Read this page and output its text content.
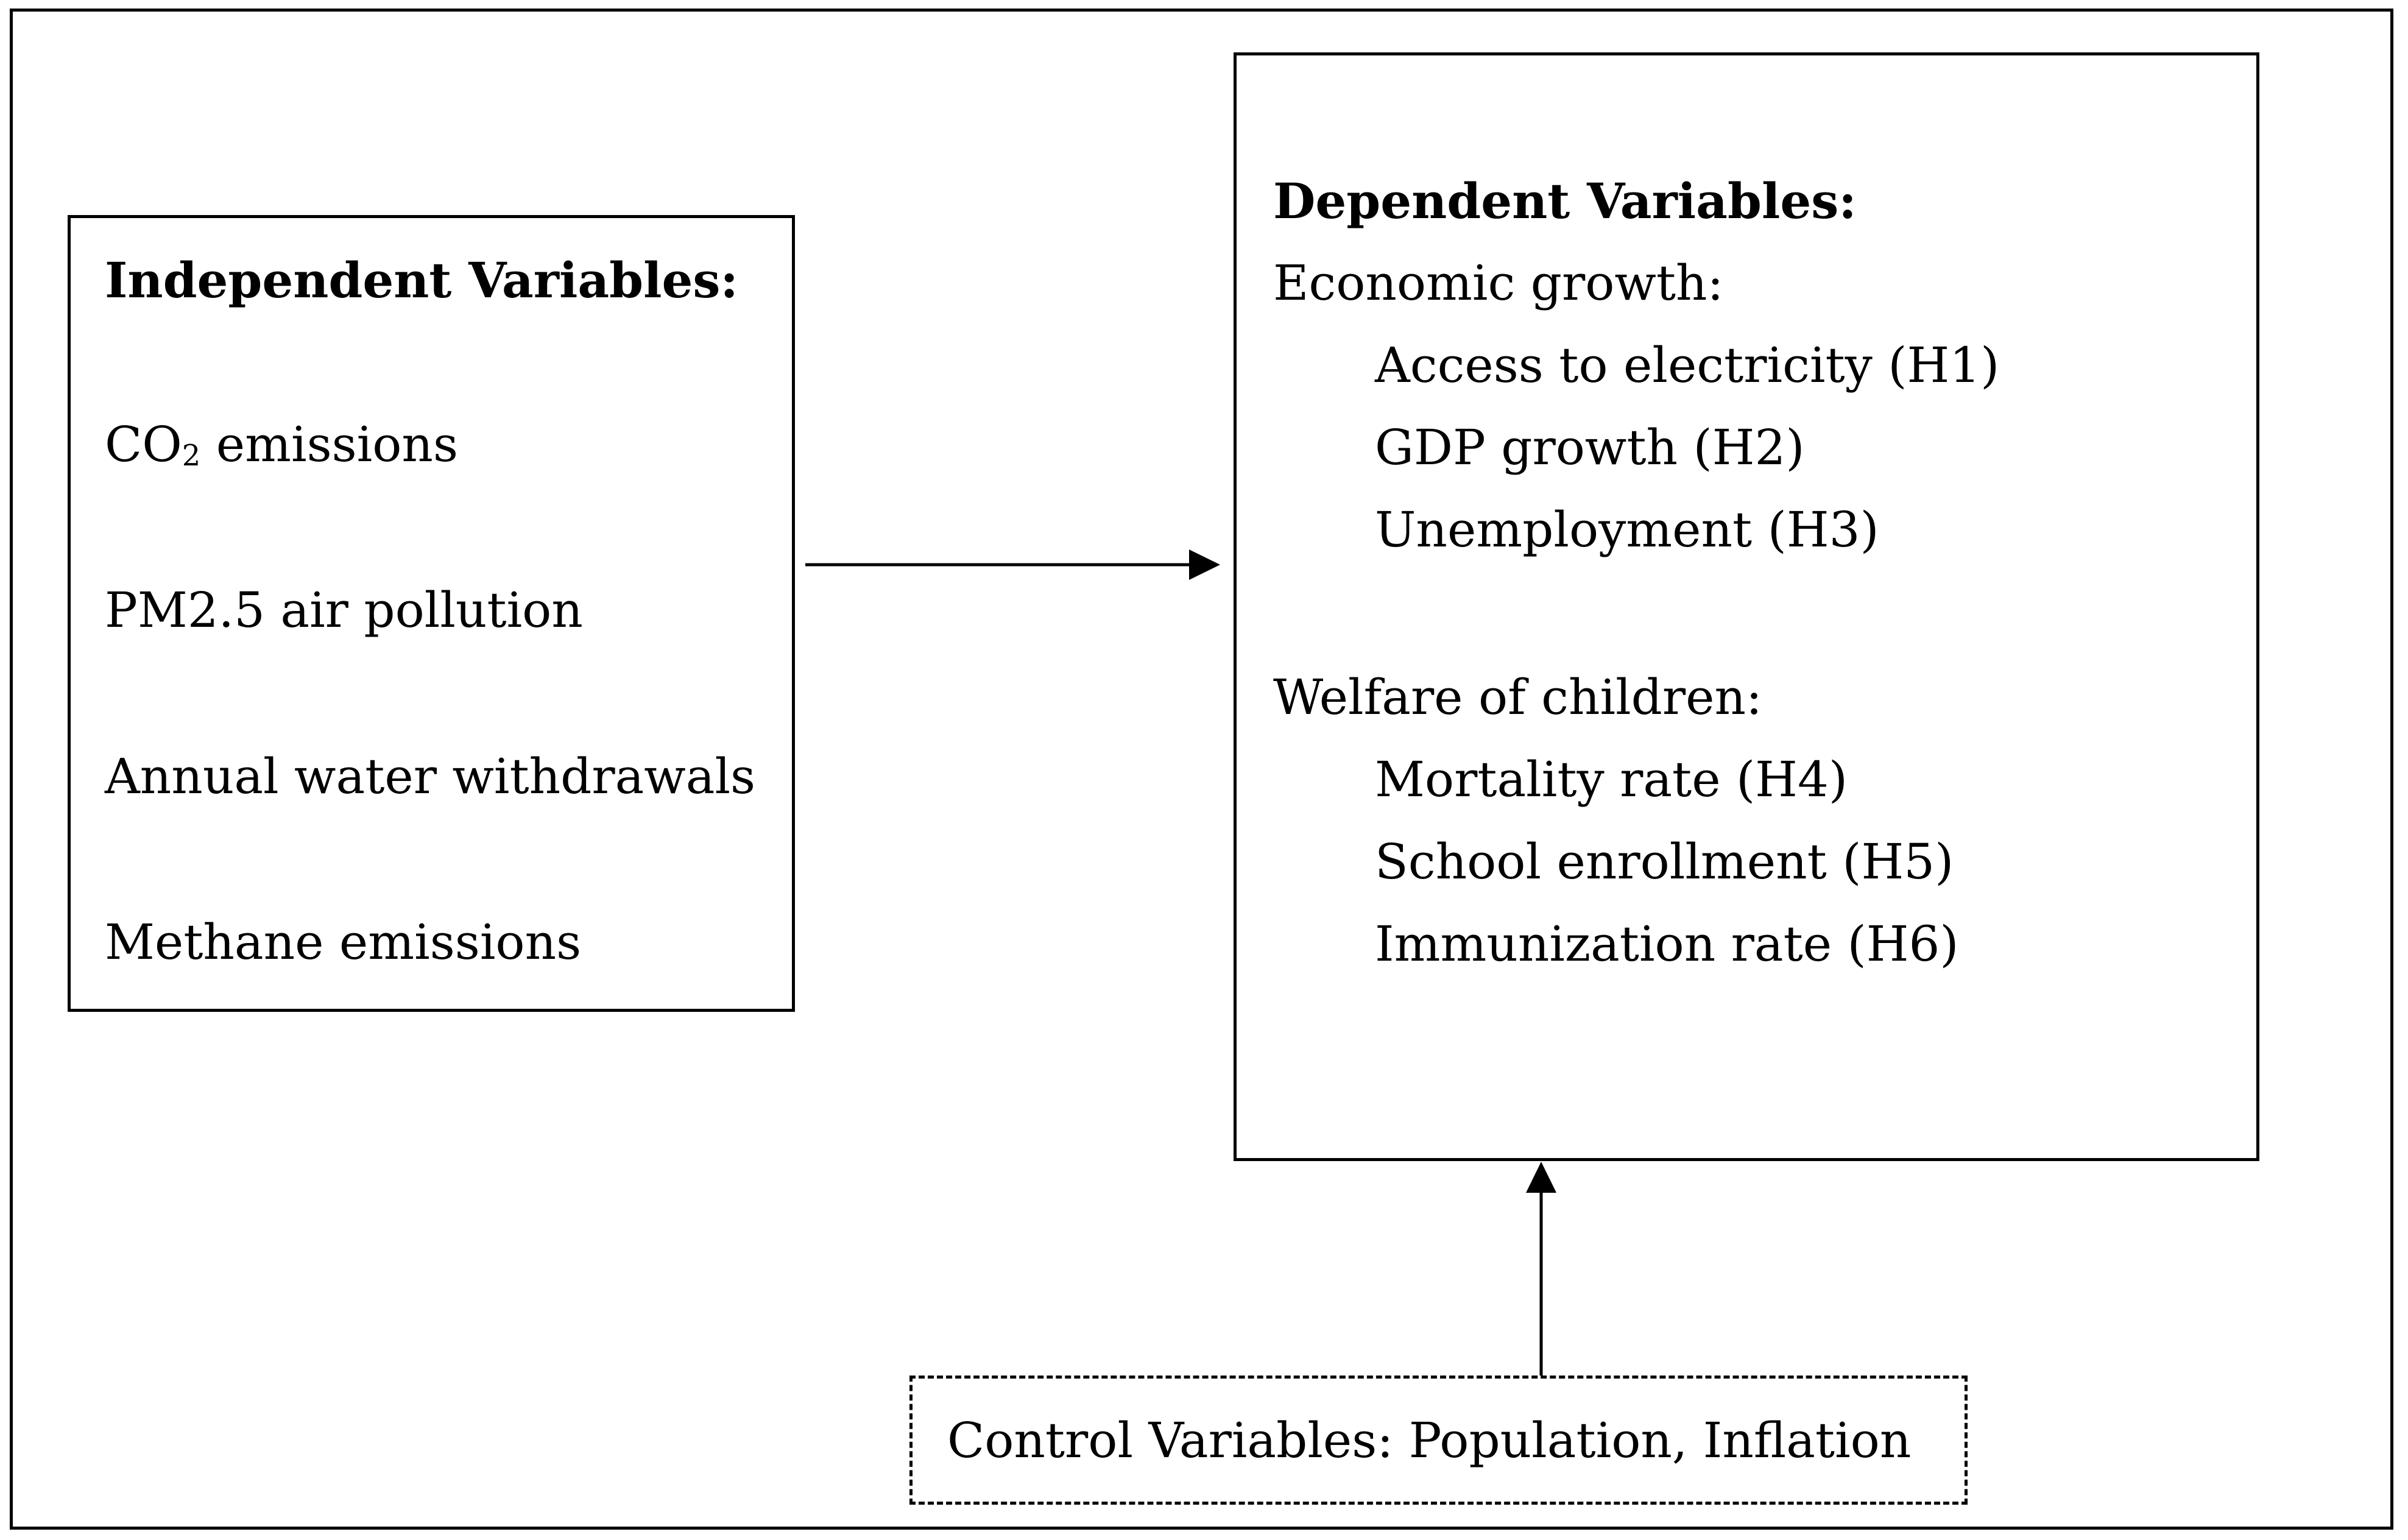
Independent Variables:
$CO_2$ emissions
PM2.5 air pollution
Annual water withdrawals
Methane emissions
Dependent Variables:
Economic growth:
Access to electricity (H1)
GDP growth (H2)
Unemployment (H3)
Welfare of children:
Mortality rate (H4)
School enrollment (H5)
Immunization rate (H6)
Control Variables: Population, Inflation
